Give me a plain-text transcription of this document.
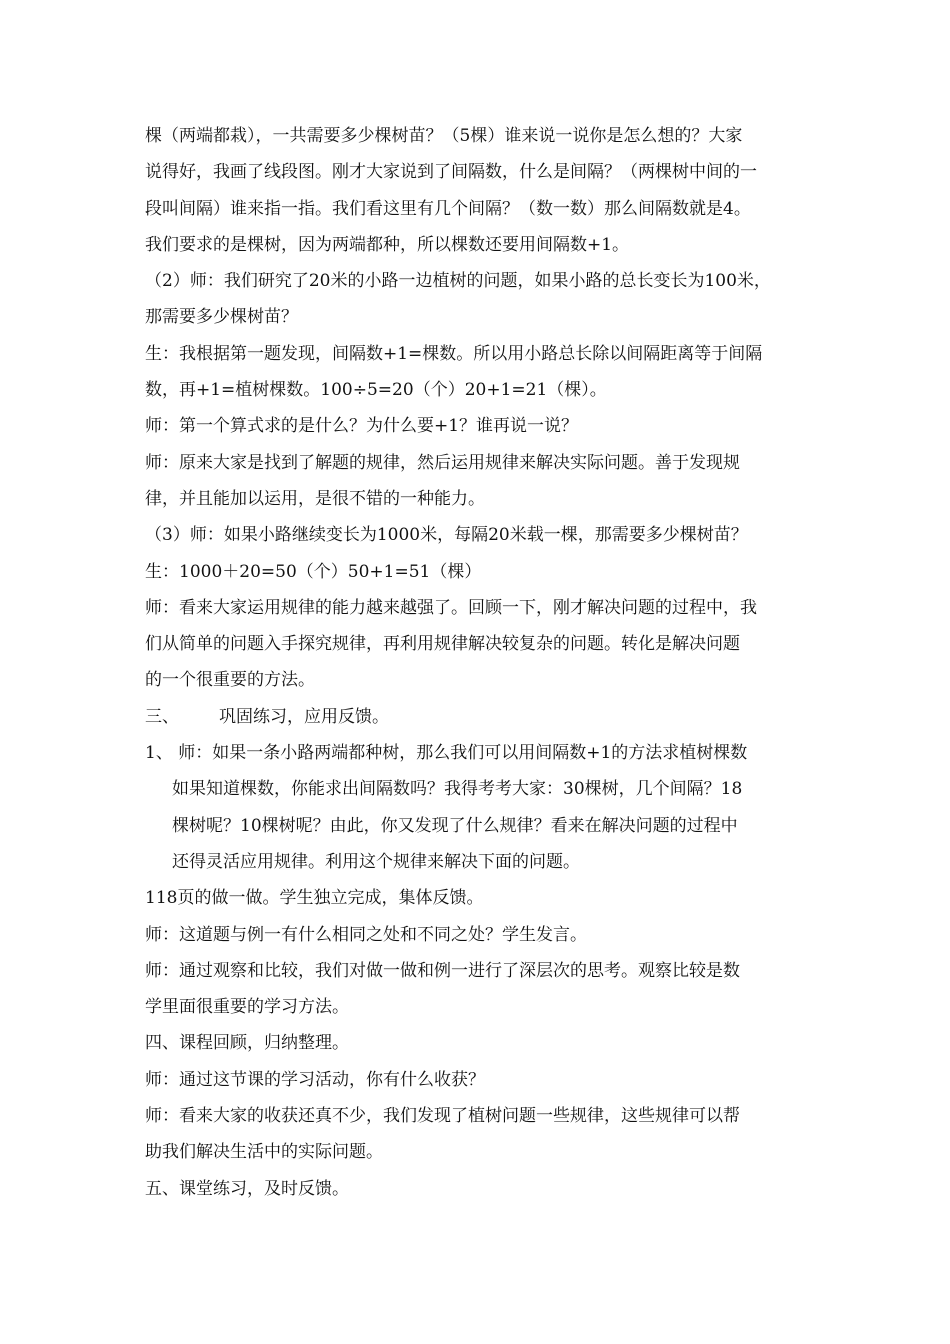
棵（两端都栽），一共需要多少棵树苗？（5棵）谁来说一说你是怎么想的？大家
说得好，我画了线段图。刚才大家说到了间隔数，什么是间隔？（两棵树中间的一
段叫间隔）谁来指一指。我们看这里有几个间隔？（数一数）那么间隔数就是4。
我们要求的是棵树，因为两端都种，所以棵数还要用间隔数+1。
（2）师：我们研究了20米的小路一边植树的问题，如果小路的总长变长为100米，
那需要多少棵树苗？
生：我根据第一题发现，间隔数+1=棵数。所以用小路总长除以间隔距离等于间隔
数，再+1=植树棵数。100÷5=20（个）20+1=21（棵）。
师：第一个算式求的是什么？为什么要+1？谁再说一说？
师：原来大家是找到了解题的规律，然后运用规律来解决实际问题。善于发现规
律，并且能加以运用，是很不错的一种能力。
（3）师：如果小路继续变长为1000米，每隔20米载一棵，那需要多少棵树苗？
生：1000＋20=50（个）50+1=51（棵）
师：看来大家运用规律的能力越来越强了。回顾一下，刚才解决问题的过程中，我
们从简单的问题入手探究规律，再利用规律解决较复杂的问题。转化是解决问题
的一个很重要的方法。
三、 巩固练习，应用反馈。
1、 师：如果一条小路两端都种树，那么我们可以用间隔数+1的方法求植树棵数
如果知道棵数，你能求出间隔数吗？我得考考大家：30棵树，几个间隔？18
棵树呢？10棵树呢？由此，你又发现了什么规律？看来在解决问题的过程中
还得灵活应用规律。利用这个规律来解决下面的问题。
118页的做一做。学生独立完成，集体反馈。
师：这道题与例一有什么相同之处和不同之处？学生发言。
师：通过观察和比较，我们对做一做和例一进行了深层次的思考。观察比较是数
学里面很重要的学习方法。
四、课程回顾，归纳整理。
师：通过这节课的学习活动，你有什么收获？
师：看来大家的收获还真不少，我们发现了植树问题一些规律，这些规律可以帮
助我们解决生活中的实际问题。
五、课堂练习，及时反馈。
